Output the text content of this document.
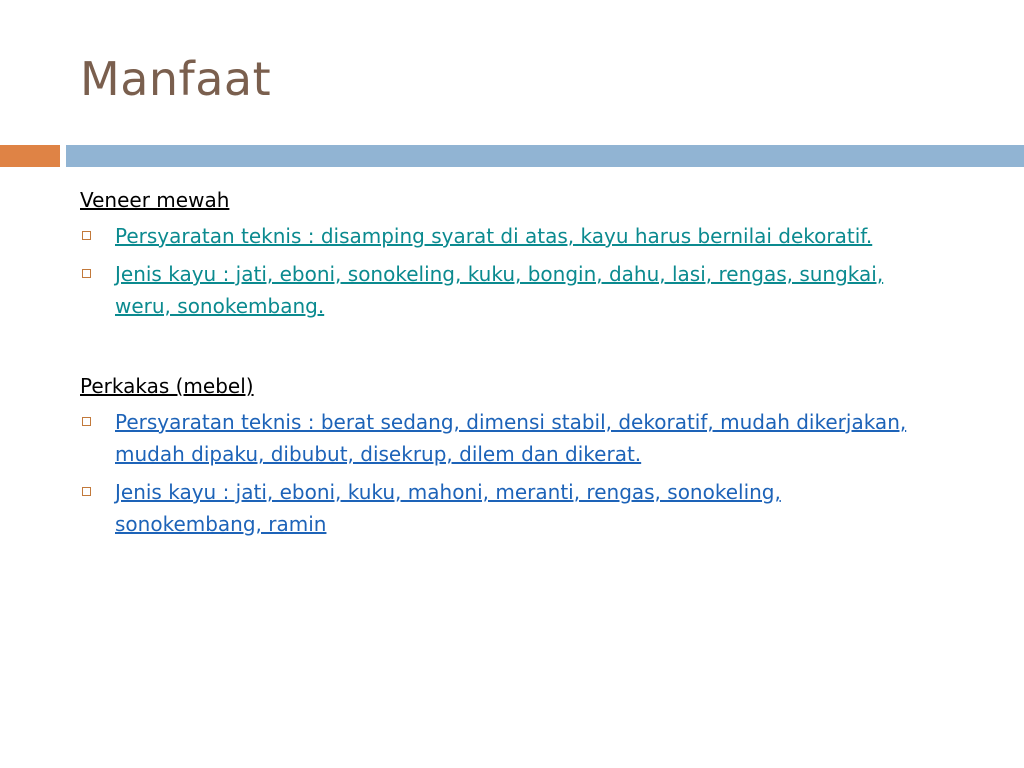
Manfaat

Veneer mewah

Persyaratan teknis : disamping syarat di atas, kayu harus bernilai dekoratif.
Jenis kayu : jati, eboni, sonokeling, kuku, bongin, dahu, lasi, rengas, sungkai, weru, sonokembang.

Perkakas (mebel)

Persyaratan teknis : berat sedang, dimensi stabil, dekoratif, mudah dikerjakan, mudah dipaku, dibubut, disekrup, dilem dan dikerat.
Jenis kayu : jati, eboni, kuku, mahoni, meranti, rengas, sonokeling, sonokembang, ramin
